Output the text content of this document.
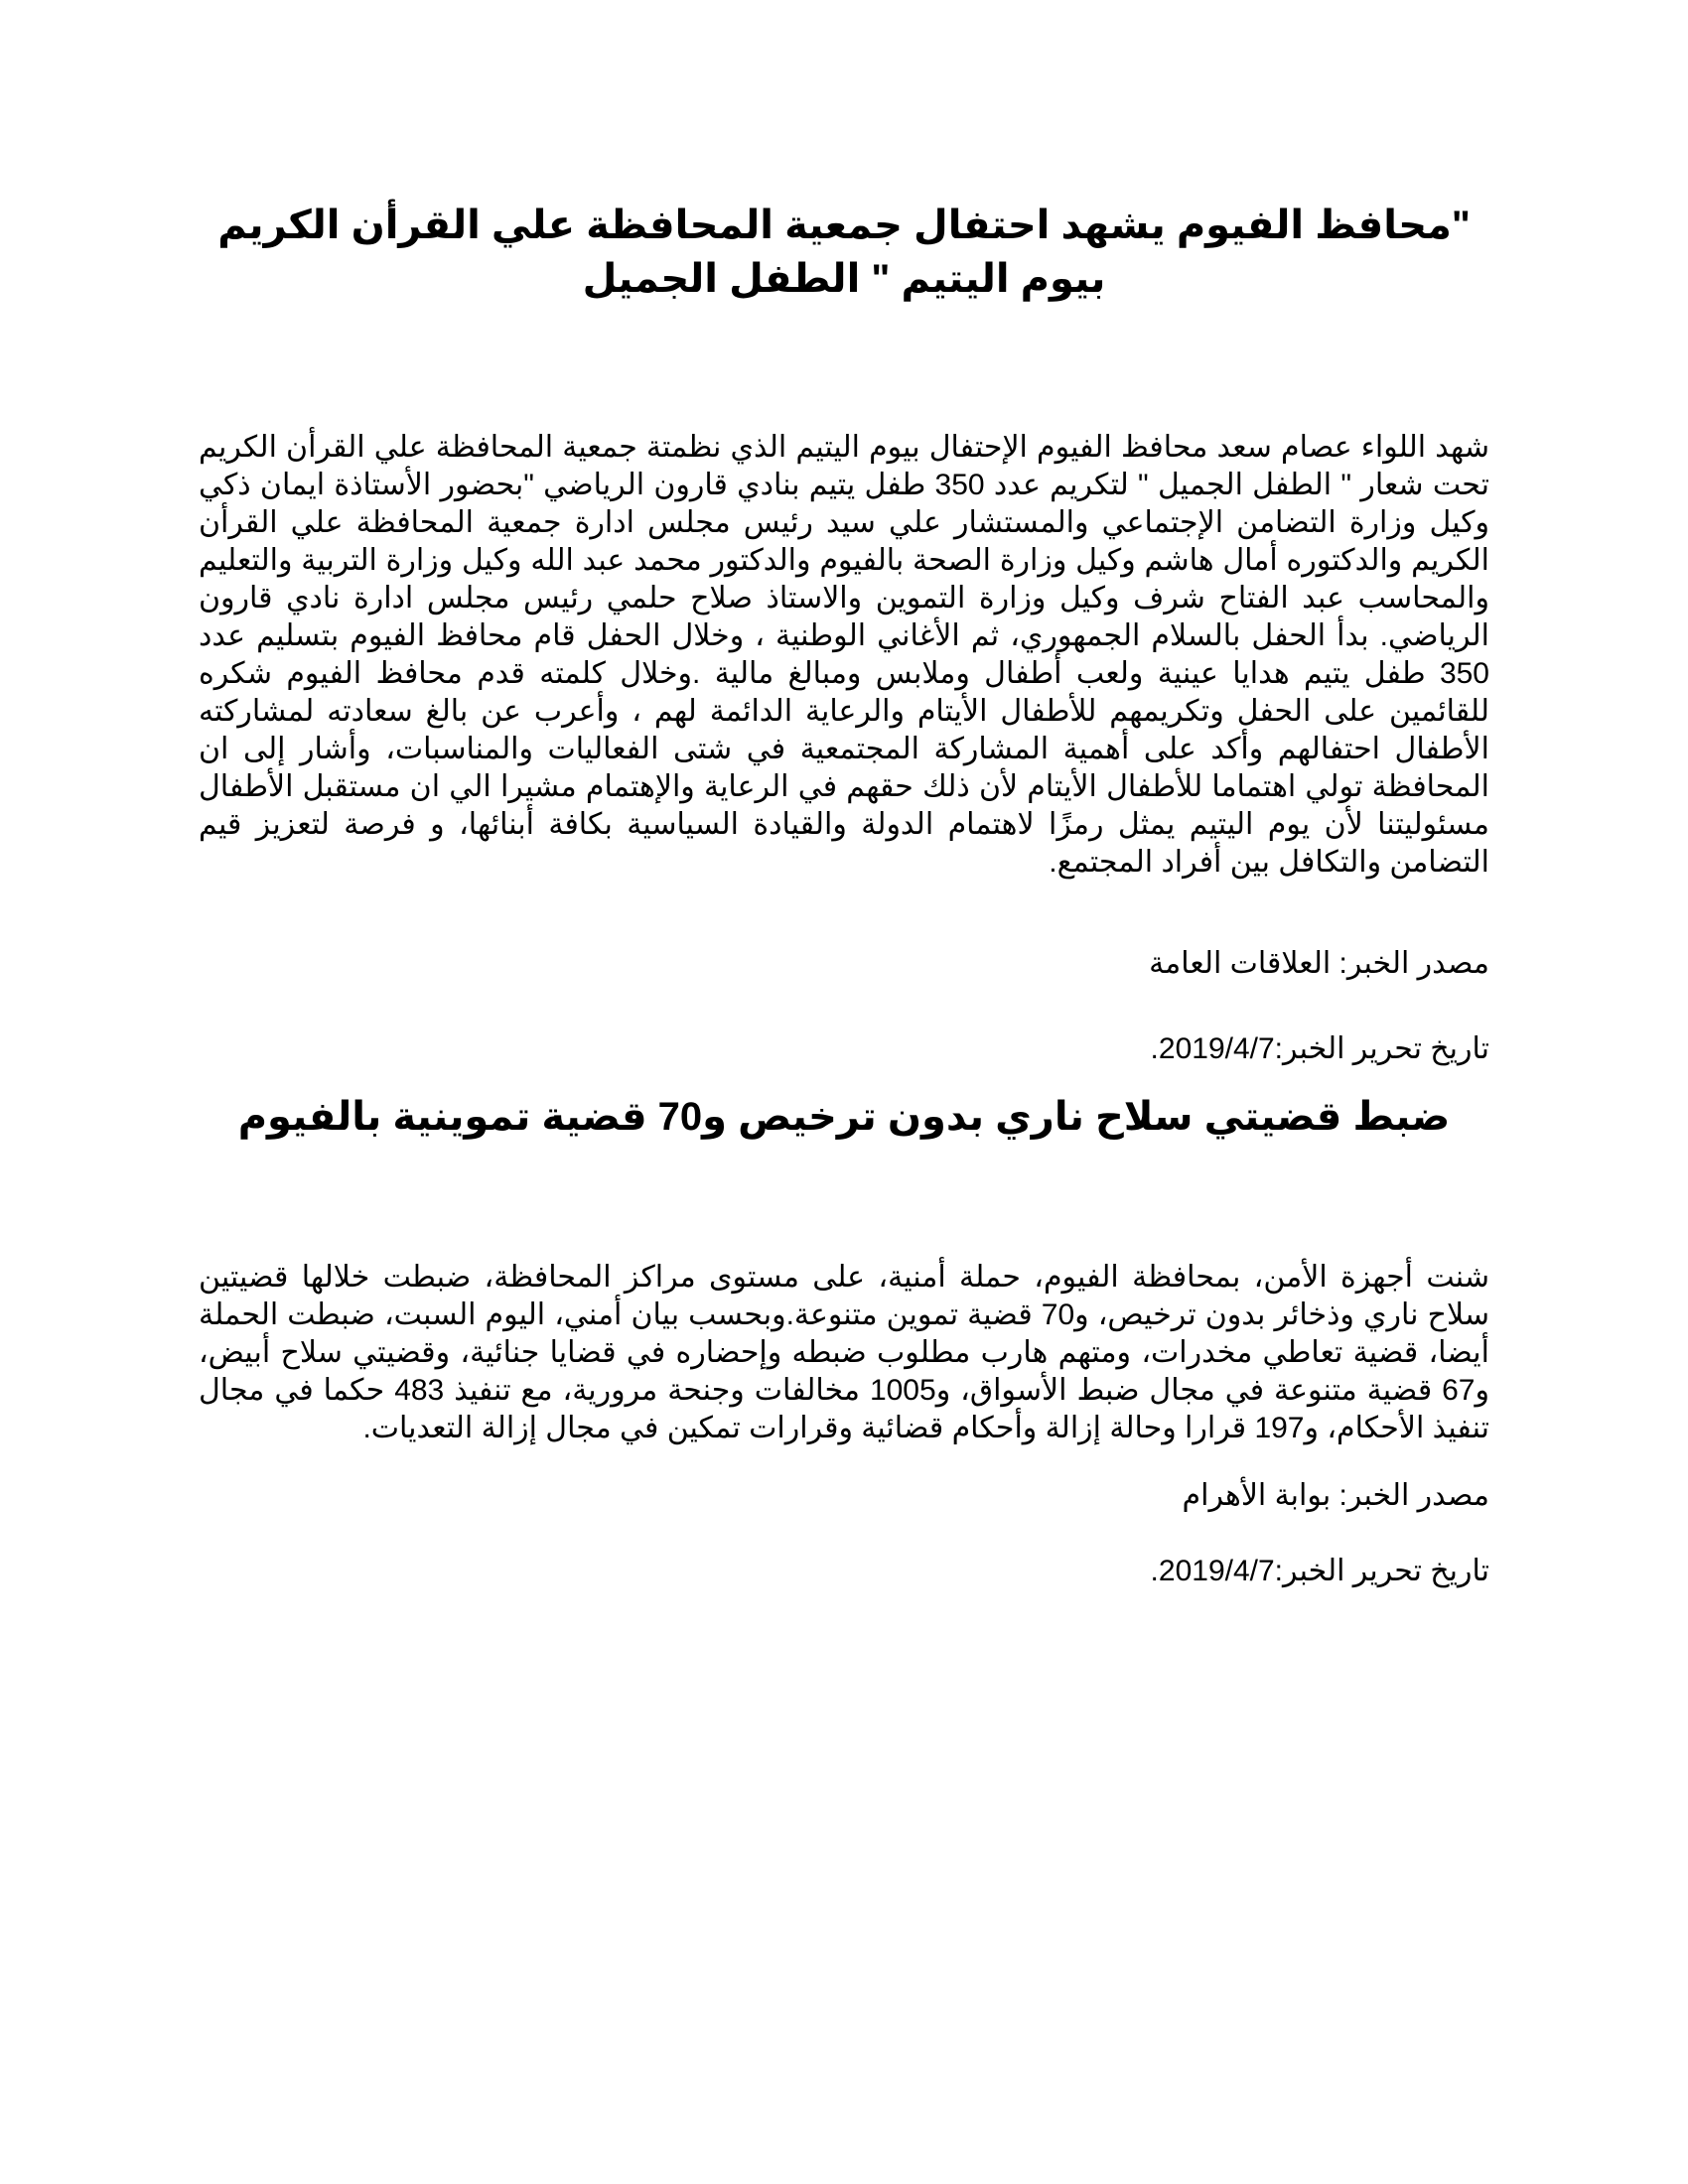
"محافظ الفيوم يشهد احتفال جمعية المحافظة علي القرأن الكريم بيوم اليتيم " الطفل الجميل

شهد اللواء عصام سعد محافظ الفيوم الإحتفال بيوم اليتيم الذي نظمتة جمعية المحافظة علي القرأن الكريم تحت شعار " الطفل الجميل " لتكريم عدد 350 طفل يتيم بنادي قارون الرياضي "بحضور الأستاذة ايمان ذكي وكيل وزارة التضامن الإجتماعي والمستشار علي سيد رئيس مجلس ادارة جمعية المحافظة علي القرأن الكريم والدكتوره أمال هاشم وكيل وزارة الصحة بالفيوم والدكتور محمد عبد الله وكيل وزارة التربية والتعليم والمحاسب عبد الفتاح شرف وكيل وزارة التموين والاستاذ صلاح حلمي رئيس مجلس ادارة نادي قارون الرياضي. بدأ الحفل بالسلام الجمهوري، ثم الأغاني الوطنية ، وخلال الحفل قام محافظ الفيوم بتسليم عدد 350 طفل يتيم هدايا عينية ولعب أطفال وملابس ومبالغ مالية .وخلال كلمته قدم محافظ الفيوم شكره للقائمين على الحفل وتكريمهم للأطفال الأيتام والرعاية الدائمة لهم ، وأعرب عن بالغ سعادته لمشاركته الأطفال احتفالهم وأكد على أهمية المشاركة المجتمعية في شتى الفعاليات والمناسبات، وأشار إلى ان المحافظة تولي اهتماما للأطفال الأيتام لأن ذلك حقهم في الرعاية والإهتمام مشيرا الي ان مستقبل الأطفال مسئوليتنا لأن يوم اليتيم يمثل رمزًا لاهتمام الدولة والقيادة السياسية بكافة أبنائها، و فرصة لتعزيز قيم التضامن والتكافل بين أفراد المجتمع.

مصدر الخبر: العلاقات العامة

تاريخ تحرير الخبر:2019/4/7.

ضبط قضيتي سلاح ناري بدون ترخيص و70 قضية تموينية بالفيوم

شنت أجهزة الأمن، بمحافظة الفيوم، حملة أمنية، على مستوى مراكز المحافظة، ضبطت خلالها قضيتين سلاح ناري وذخائر بدون ترخيص، و70 قضية تموين متنوعة.وبحسب بيان أمني، اليوم السبت، ضبطت الحملة أيضا، قضية تعاطي مخدرات، ومتهم هارب مطلوب ضبطه وإحضاره في قضايا جنائية، وقضيتي سلاح أبيض، و67 قضية متنوعة في مجال ضبط الأسواق، و1005 مخالفات وجنحة مرورية، مع تنفيذ 483 حكما في مجال تنفيذ الأحكام، و197 قرارا وحالة إزالة وأحكام قضائية وقرارات تمكين في مجال إزالة التعديات.

مصدر الخبر: بوابة الأهرام

تاريخ تحرير الخبر:2019/4/7.
